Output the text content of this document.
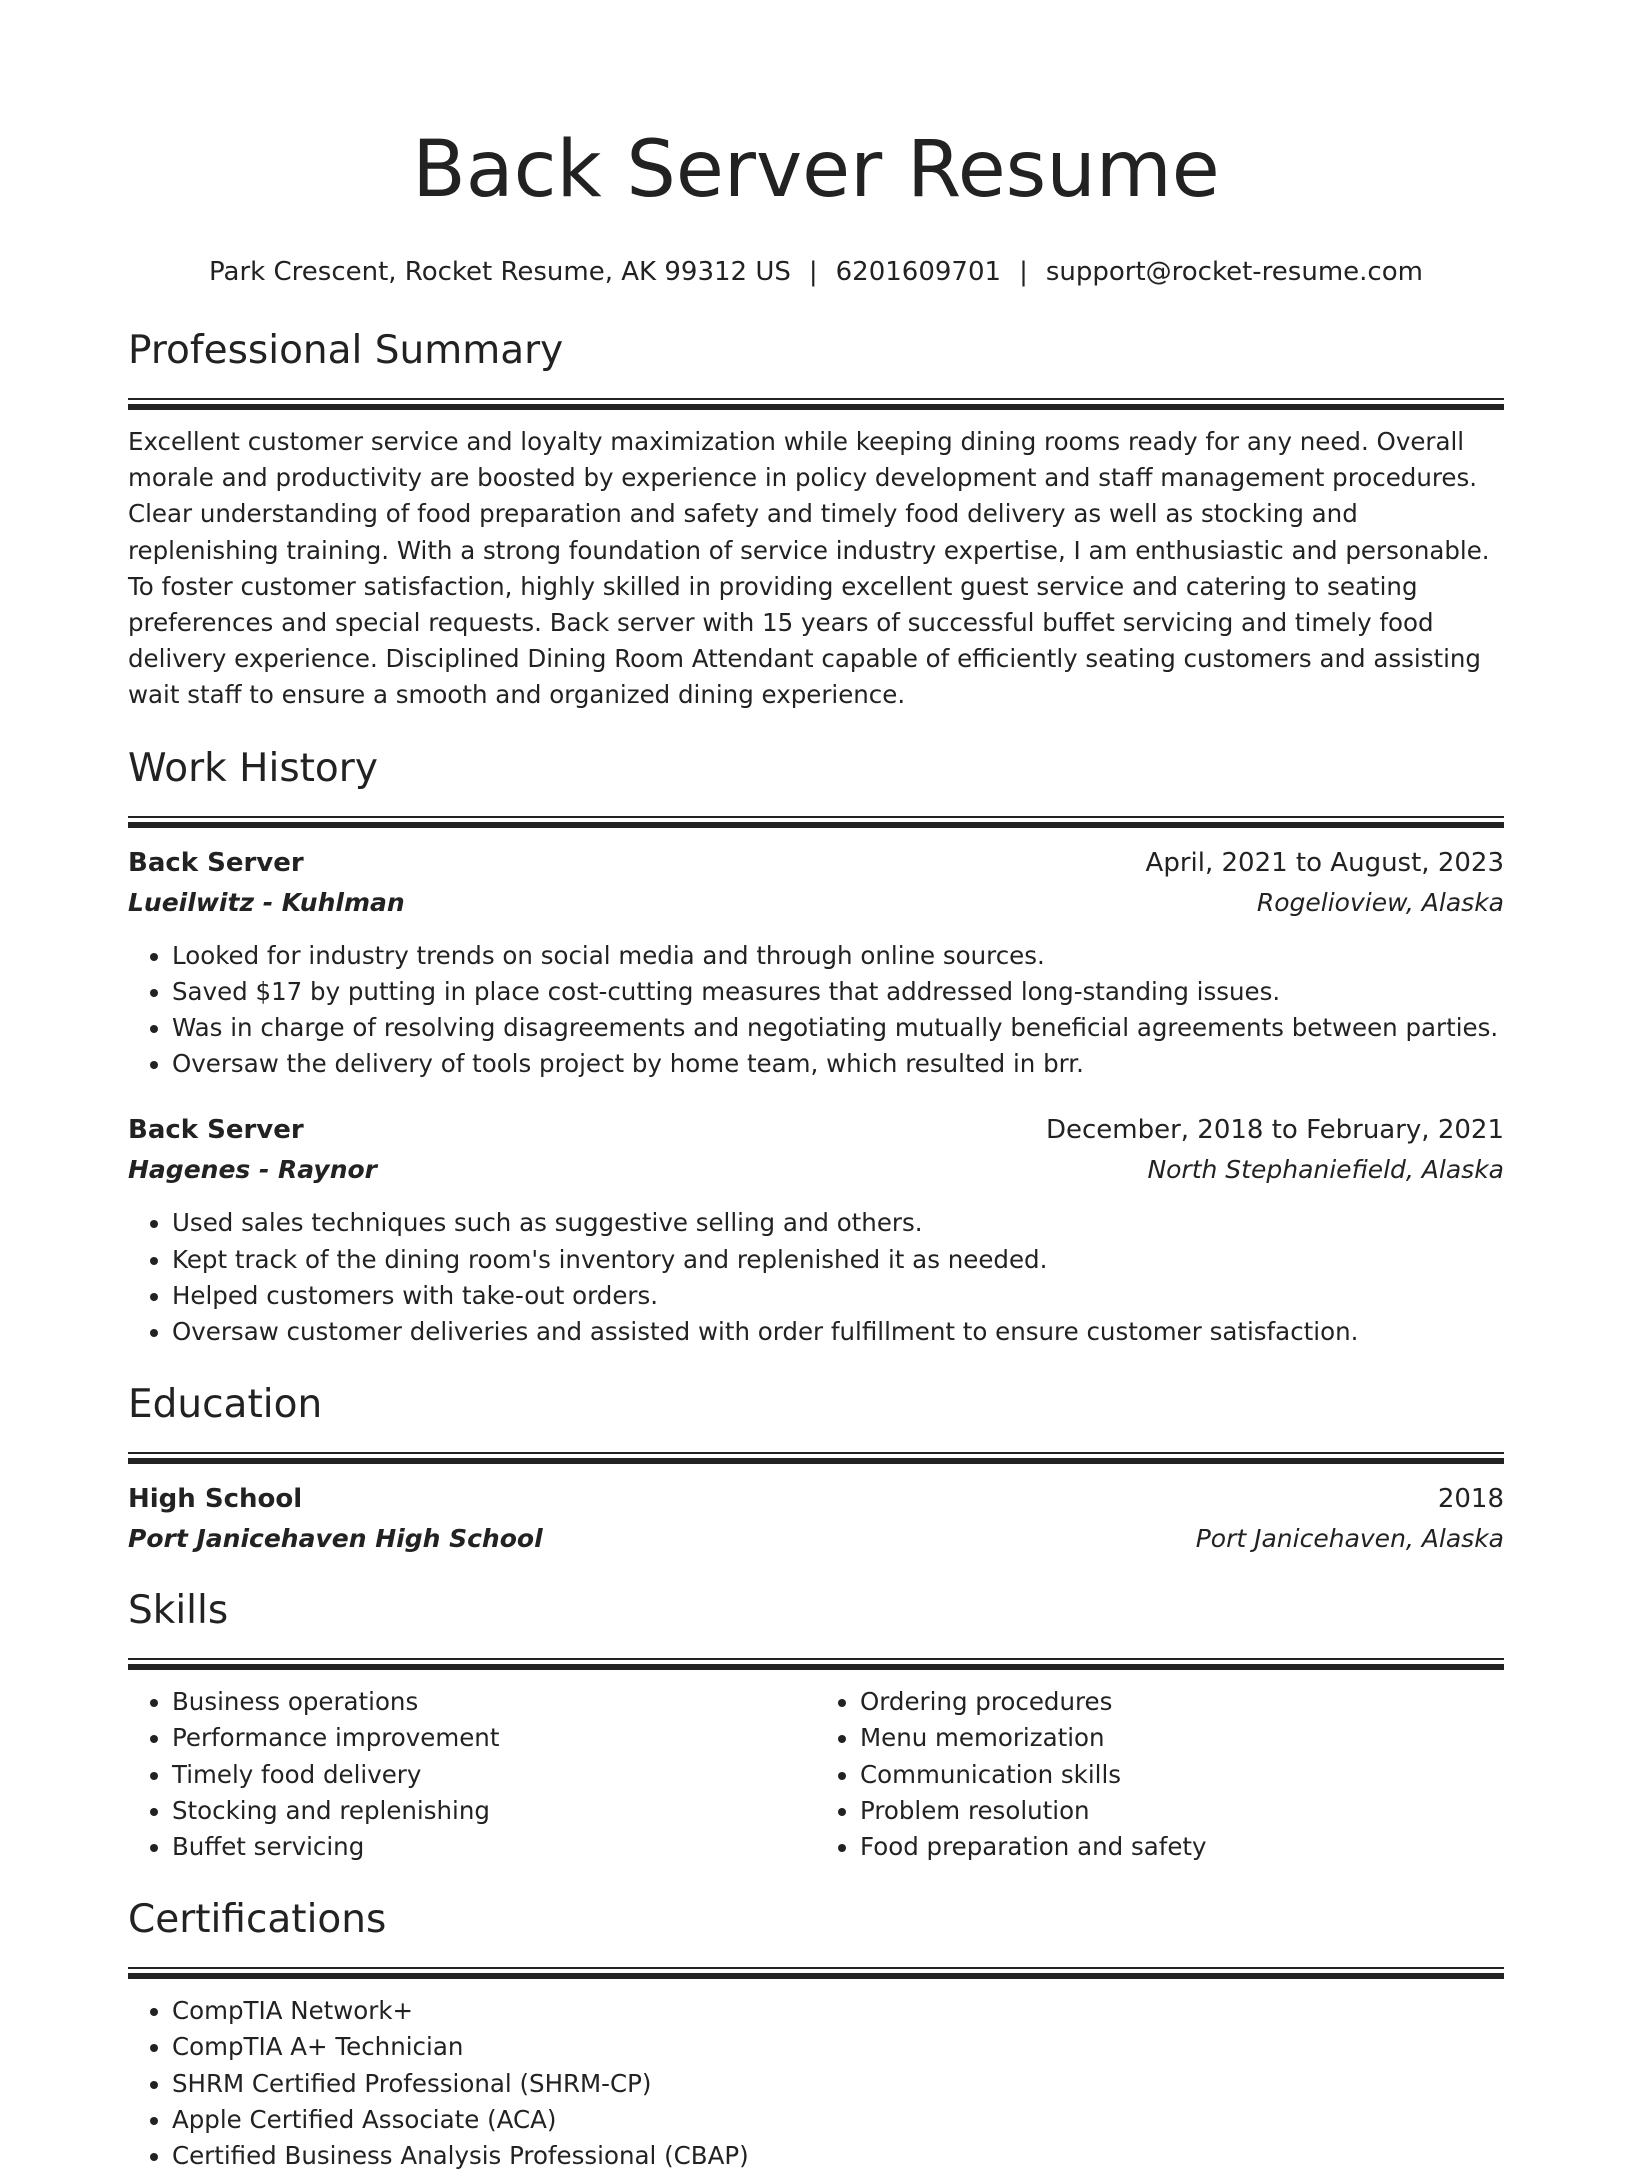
Back Server Resume
Park Crescent, Rocket Resume, AK 99312 US | 6201609701 | support@rocket-resume.com
Professional Summary
Excellent customer service and loyalty maximization while keeping dining rooms ready for any need. Overall morale and productivity are boosted by experience in policy development and staff management procedures. Clear understanding of food preparation and safety and timely food delivery as well as stocking and replenishing training. With a strong foundation of service industry expertise, I am enthusiastic and personable. To foster customer satisfaction, highly skilled in providing excellent guest service and catering to seating preferences and special requests. Back server with 15 years of successful buffet servicing and timely food delivery experience. Disciplined Dining Room Attendant capable of efficiently seating customers and assisting wait staff to ensure a smooth and organized dining experience.
Work History
Back Server	April, 2021 to August, 2023
Lueilwitz - Kuhlman	Rogelioview, Alaska
• Looked for industry trends on social media and through online sources.
• Saved $17 by putting in place cost-cutting measures that addressed long-standing issues.
• Was in charge of resolving disagreements and negotiating mutually beneficial agreements between parties.
• Oversaw the delivery of tools project by home team, which resulted in brr.
Back Server	December, 2018 to February, 2021
Hagenes - Raynor	North Stephaniefield, Alaska
• Used sales techniques such as suggestive selling and others.
• Kept track of the dining room's inventory and replenished it as needed.
• Helped customers with take-out orders.
• Oversaw customer deliveries and assisted with order fulfillment to ensure customer satisfaction.
Education
High School	2018
Port Janicehaven High School	Port Janicehaven, Alaska
Skills
• Business operations
• Performance improvement
• Timely food delivery
• Stocking and replenishing
• Buffet servicing
• Ordering procedures
• Menu memorization
• Communication skills
• Problem resolution
• Food preparation and safety
Certifications
• CompTIA Network+
• CompTIA A+ Technician
• SHRM Certified Professional (SHRM-CP)
• Apple Certified Associate (ACA)
• Certified Business Analysis Professional (CBAP)
